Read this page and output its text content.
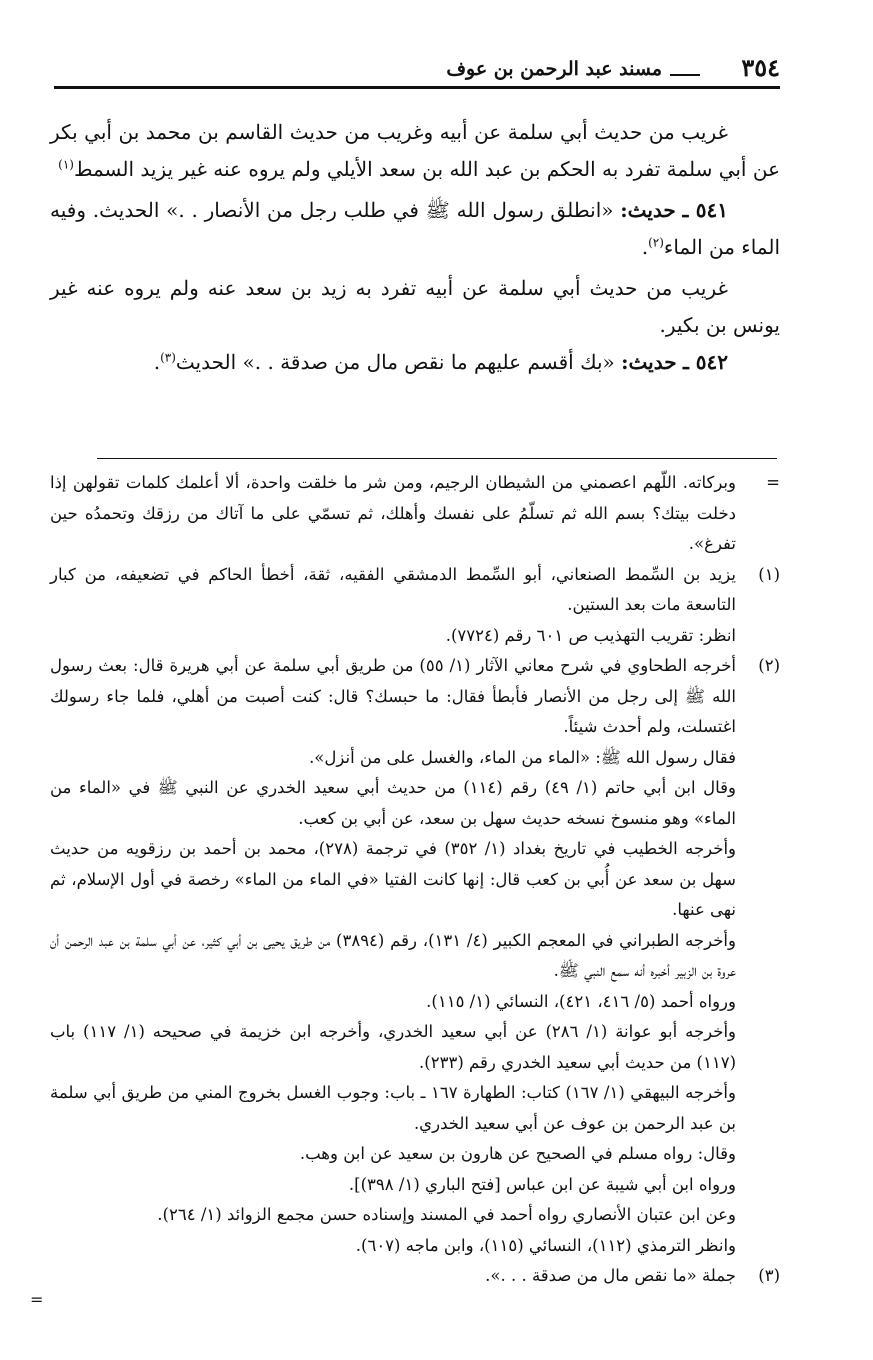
٣٥٤
مسند عبد الرحمن بن عوف

غريب من حديث أبي سلمة عن أبيه وغريب من حديث القاسم بن محمد بن أبي بكر عن أبي سلمة تفرد به الحكم بن عبد الله بن سعد الأيلي ولم يروه عنه غير يزيد السمط$^{(١)}$

٥٤١ ـ حديث: «انطلق رسول الله ﷺ في طلب رجل من الأنصار . .» الحديث. وفيه الماء من الماء$^{(٢)}$.

غريب من حديث أبي سلمة عن أبيه تفرد به زيد بن سعد عنه ولم يروه عنه غير يونس بن بكير.

٥٤٢ ـ حديث: «بك أقسم عليهم ما نقص مال من صدقة . .» الحديث$^{(٣)}$.

=

وبركاته. اللّهم اعصمني من الشيطان الرجيم، ومن شر ما خلقت واحدة، ألا أعلمك كلمات تقولهن إذا دخلت بيتك؟ بسم الله ثم تسلّمُ على نفسك وأهلك، ثم تسمّي على ما آتاك من رزقك وتحمدُه حين تفرغ».

(١)

يزيد بن السِّمط الصنعاني، أبو السِّمط الدمشقي الفقيه، ثقة، أخطأ الحاكم في تضعيفه، من كبار التاسعة مات بعد الستين.

انظر: تقريب التهذيب ص ٦٠١ رقم (٧٧٢٤).

(٢)

أخرجه الطحاوي في شرح معاني الآثار (١/ ٥٥) من طريق أبي سلمة عن أبي هريرة قال: بعث رسول الله ﷺ إلى رجل من الأنصار فأبطأ فقال: ما حبسك؟ قال: كنت أصبت من أهلي، فلما جاء رسولك اغتسلت، ولم أحدث شيئاً.

فقال رسول الله ﷺ: «الماء من الماء، والغسل على من أنزل».

وقال ابن أبي حاتم (١/ ٤٩) رقم (١١٤) من حديث أبي سعيد الخدري عن النبي ﷺ في «الماء من الماء» وهو منسوخ نسخه حديث سهل بن سعد، عن أبي بن كعب.

وأخرجه الخطيب في تاريخ بغداد (١/ ٣٥٢) في ترجمة (٢٧٨)، محمد بن أحمد بن رزقويه من حديث سهل بن سعد عن أُبي بن كعب قال: إنها كانت الفتيا «في الماء من الماء» رخصة في أول الإسلام، ثم نهى عنها.

وأخرجه الطبراني في المعجم الكبير (٤/ ١٣١)، رقم (٣٨٩٤) من طريق يحيى بن أبي كثير، عن أبي سلمة بن عبد الرحمن أن عروة بن الزبير أخبره أنه سمع النبي ﷺ.

ورواه أحمد (٥/ ٤١٦، ٤٢١)، النسائي (١/ ١١٥).

وأخرجه أبو عوانة (١/ ٢٨٦) عن أبي سعيد الخدري، وأخرجه ابن خزيمة في صحيحه (١/ ١١٧) باب (١١٧) من حديث أبي سعيد الخدري رقم (٢٣٣).

وأخرجه البيهقي (١/ ١٦٧) كتاب: الطهارة ١٦٧ ـ باب: وجوب الغسل بخروج المني من طريق أبي سلمة بن عبد الرحمن بن عوف عن أبي سعيد الخدري.

وقال: رواه مسلم في الصحيح عن هارون بن سعيد عن ابن وهب.

ورواه ابن أبي شيبة عن ابن عباس [فتح الباري (١/ ٣٩٨)].

وعن ابن عتبان الأنصاري رواه أحمد في المسند وإسناده حسن مجمع الزوائد (١/ ٢٦٤).

وانظر الترمذي (١١٢)، النسائي (١١٥)، وابن ماجه (٦٠٧).

(٣)

جملة «ما نقص مال من صدقة . . .».

=
